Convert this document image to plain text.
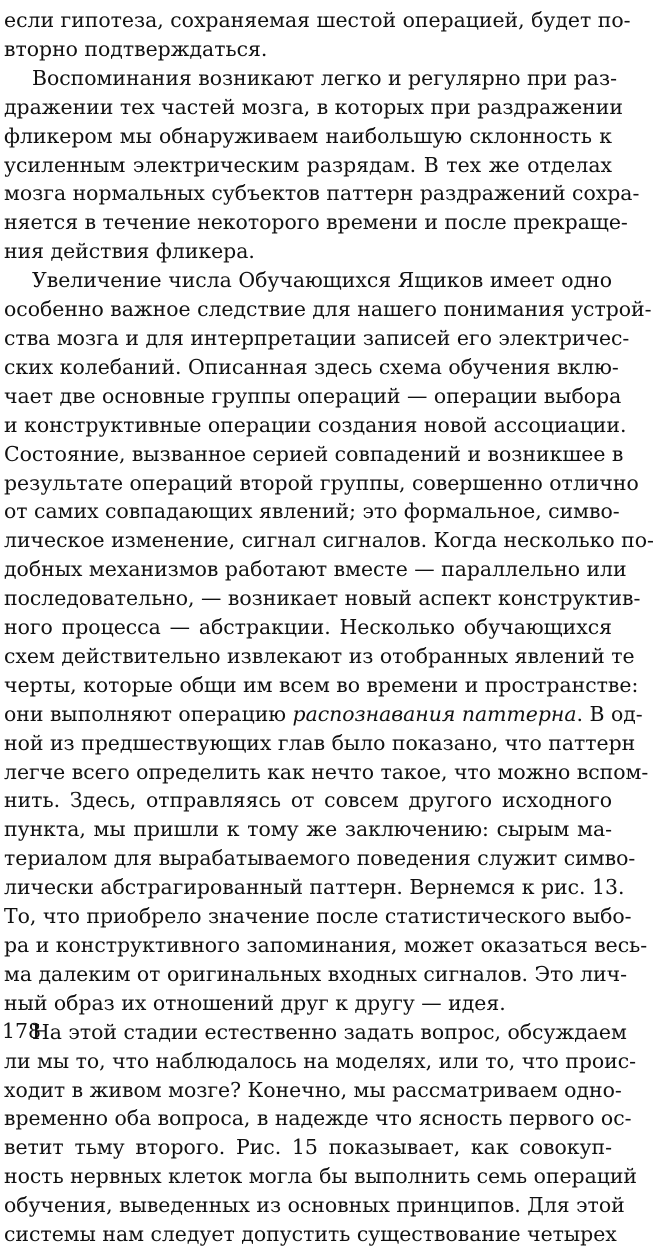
если гипотеза, сохраняемая шестой операцией, будет по-
вторно подтверждаться.
Воспоминания возникают легко и регулярно при раз-
дражении тех частей мозга, в которых при раздражении
фликером мы обнаруживаем наибольшую склонность к
усиленным электрическим разрядам. В тех же отделах
мозга нормальных субъектов паттерн раздражений сохра-
няется в течение некоторого времени и после прекраще-
ния действия фликера.
Увеличение числа Обучающихся Ящиков имеет одно
особенно важное следствие для нашего понимания устрой-
ства мозга и для интерпретации записей его электричес-
ских колебаний. Описанная здесь схема обучения вклю-
чает две основные группы операций — операции выбора
и конструктивные операции создания новой ассоциации.
Состояние, вызванное серией совпадений и возникшее в
результате операций второй группы, совершенно отлично
от самих совпадающих явлений; это формальное, симво-
лическое изменение, сигнал сигналов. Когда несколько по-
добных механизмов работают вместе — параллельно или
последовательно, — возникает новый аспект конструктив-
ного процесса — абстракции. Несколько обучающихся
схем действительно извлекают из отобранных явлений те
черты, которые общи им всем во времени и пространстве:
они выполняют операцию распознавания паттерна. В од-
ной из предшествующих глав было показано, что паттерн
легче всего определить как нечто такое, что можно вспом-
нить. Здесь, отправляясь от совсем другого исходного
пункта, мы пришли к тому же заключению: сырым ма-
териалом для вырабатываемого поведения служит симво-
лически абстрагированный паттерн. Вернемся к рис. 13.
То, что приобрело значение после статистического выбо-
ра и конструктивного запоминания, может оказаться весь-
ма далеким от оригинальных входных сигналов. Это лич-
ный образ их отношений друг к другу — идея.
На этой стадии естественно задать вопрос, обсуждаем
ли мы то, что наблюдалось на моделях, или то, что проис-
ходит в живом мозге? Конечно, мы рассматриваем одно-
временно оба вопроса, в надежде что ясность первого ос-
ветит тьму второго. Рис. 15 показывает, как совокуп-
ность нервных клеток могла бы выполнить семь операций
обучения, выведенных из основных принципов. Для этой
системы нам следует допустить существование четырех
178
